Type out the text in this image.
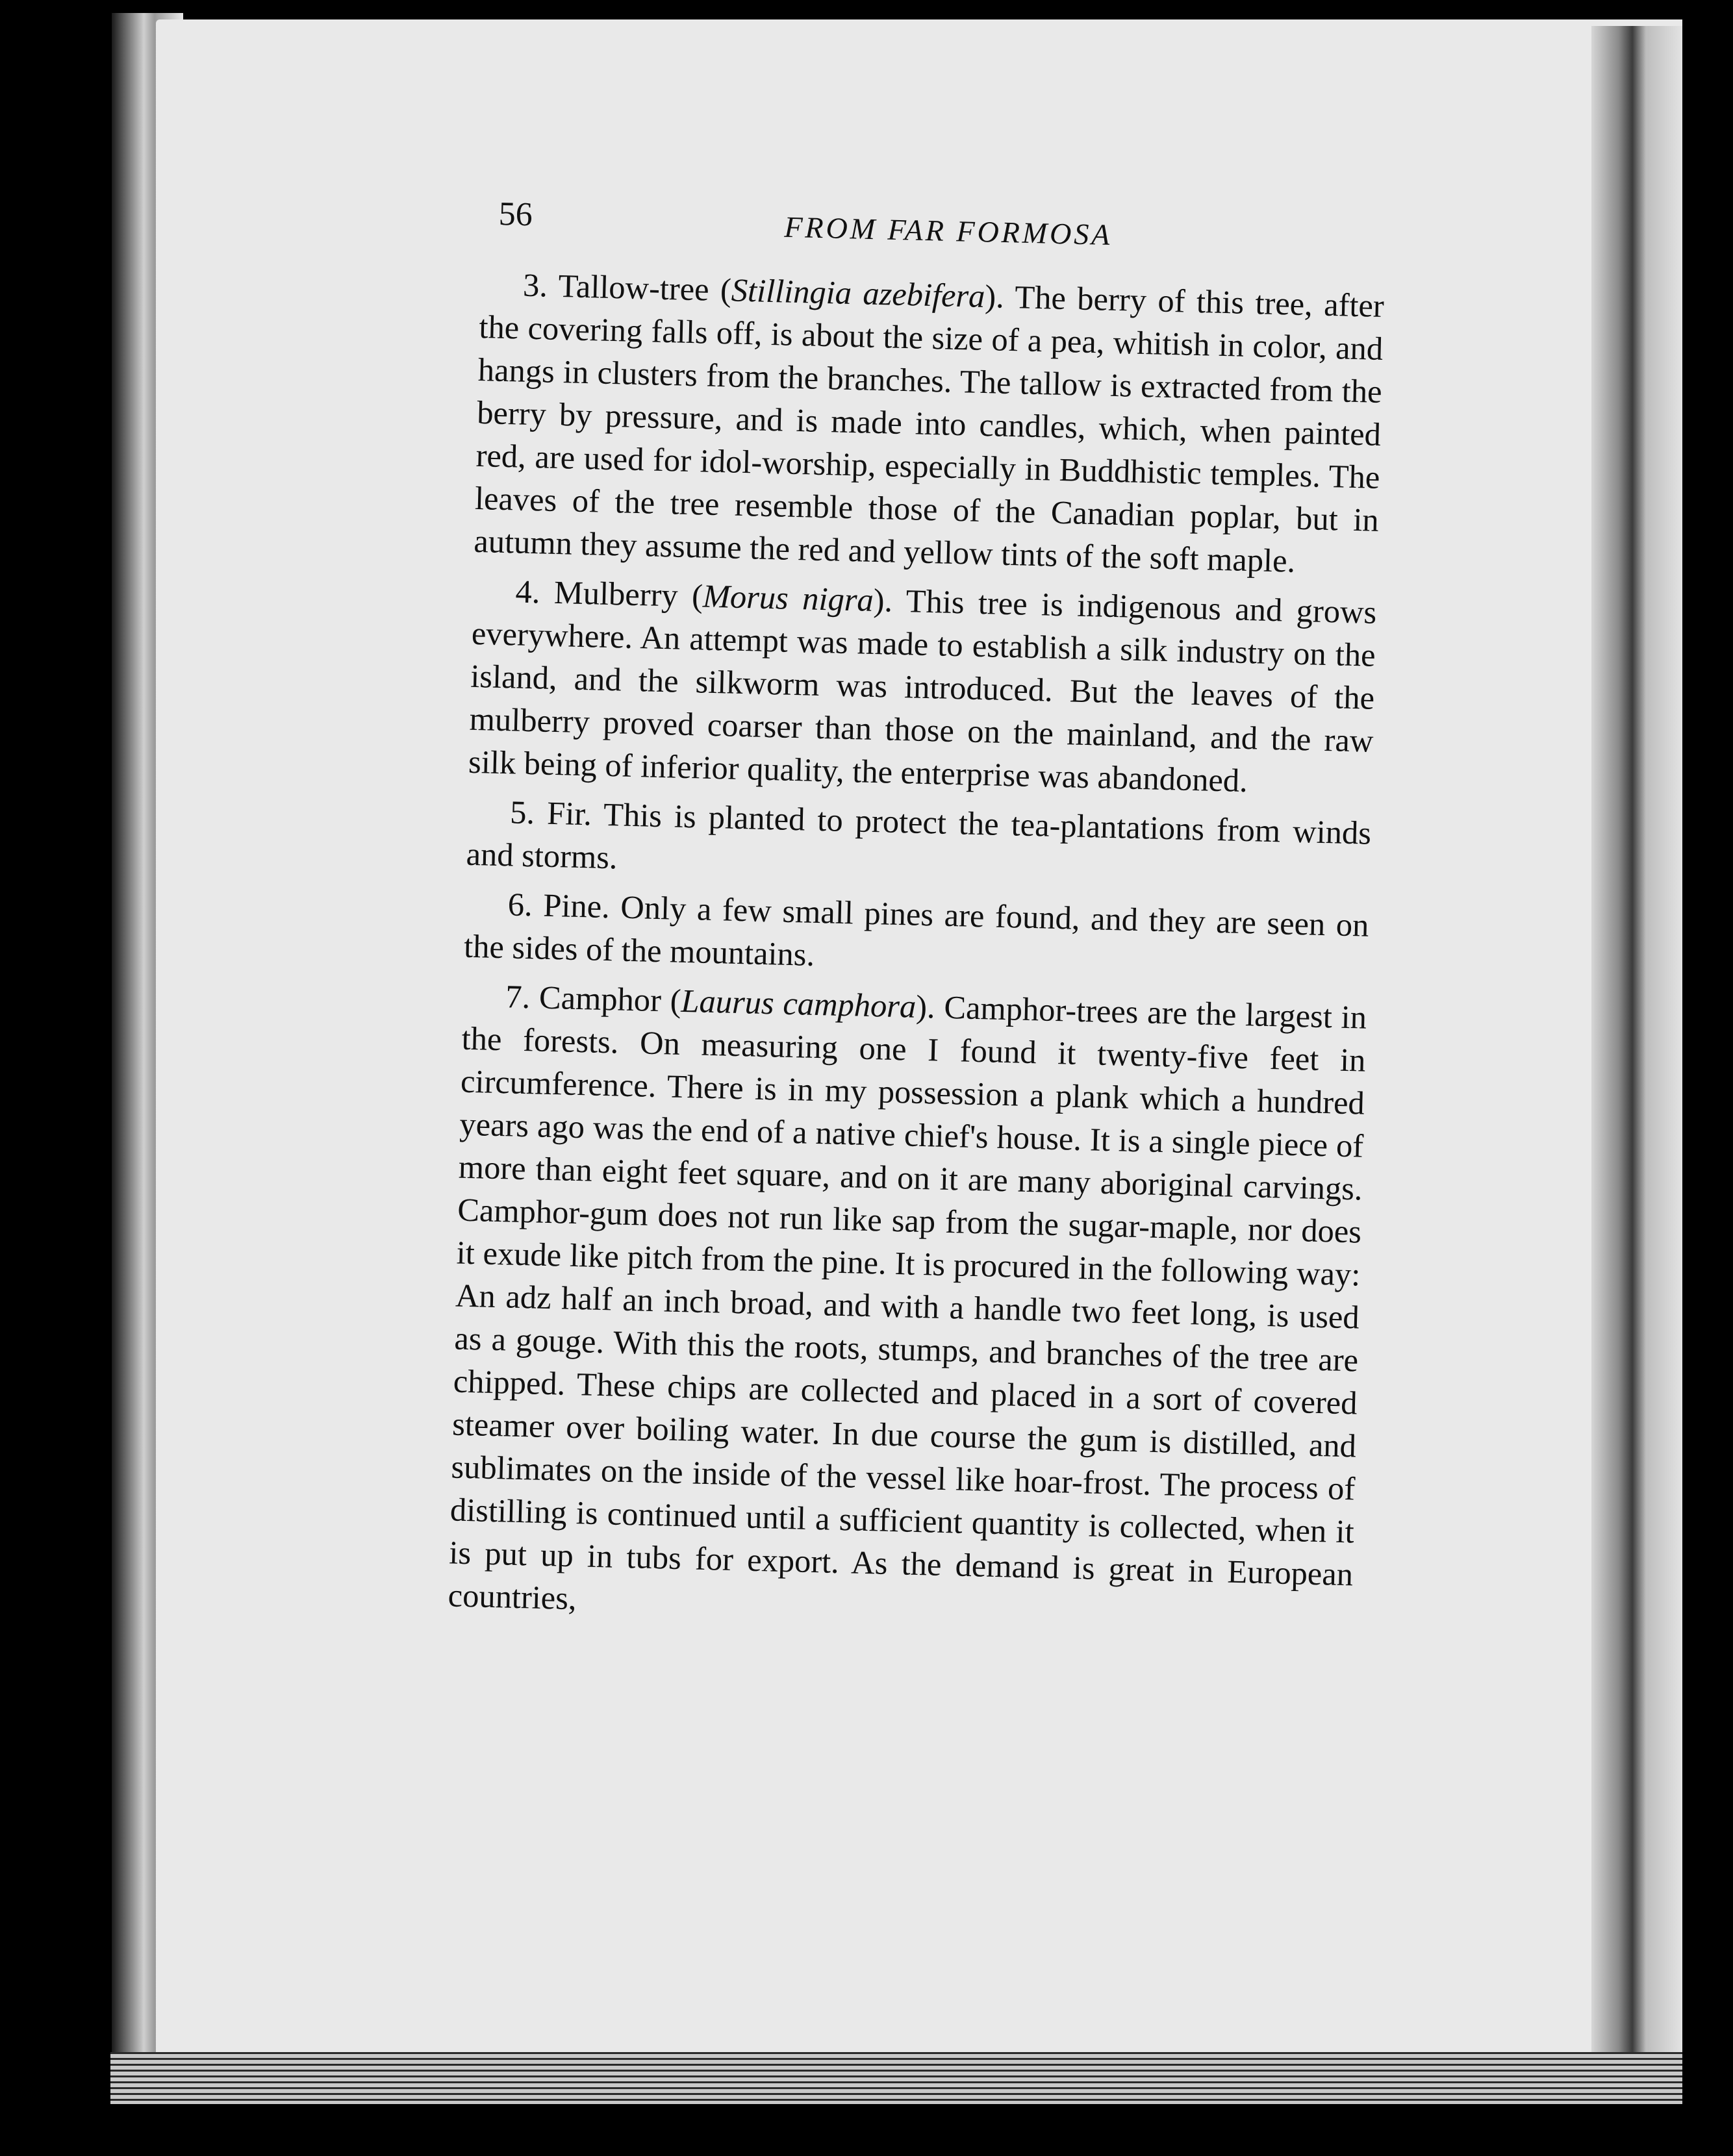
56	FROM FAR FORMOSA

3. Tallow-tree (Stillingia azebifera). The berry of this tree, after the covering falls off, is about the size of a pea, whitish in color, and hangs in clusters from the branches. The tallow is extracted from the berry by pressure, and is made into candles, which, when painted red, are used for idol-worship, especially in Buddhistic temples. The leaves of the tree resemble those of the Canadian poplar, but in autumn they assume the red and yellow tints of the soft maple.

4. Mulberry (Morus nigra). This tree is indigenous and grows everywhere. An attempt was made to establish a silk industry on the island, and the silkworm was introduced. But the leaves of the mulberry proved coarser than those on the mainland, and the raw silk being of inferior quality, the enterprise was abandoned.

5. Fir. This is planted to protect the tea-plantations from winds and storms.

6. Pine. Only a few small pines are found, and they are seen on the sides of the mountains.

7. Camphor (Laurus camphora). Camphor-trees are the largest in the forests. On measuring one I found it twenty-five feet in circumference. There is in my possession a plank which a hundred years ago was the end of a native chief's house. It is a single piece of more than eight feet square, and on it are many aboriginal carvings. Camphor-gum does not run like sap from the sugar-maple, nor does it exude like pitch from the pine. It is procured in the following way: An adz half an inch broad, and with a handle two feet long, is used as a gouge. With this the roots, stumps, and branches of the tree are chipped. These chips are collected and placed in a sort of covered steamer over boiling water. In due course the gum is distilled, and sublimates on the inside of the vessel like hoar-frost. The process of distilling is continued until a sufficient quantity is collected, when it is put up in tubs for export. As the demand is great in European countries,
